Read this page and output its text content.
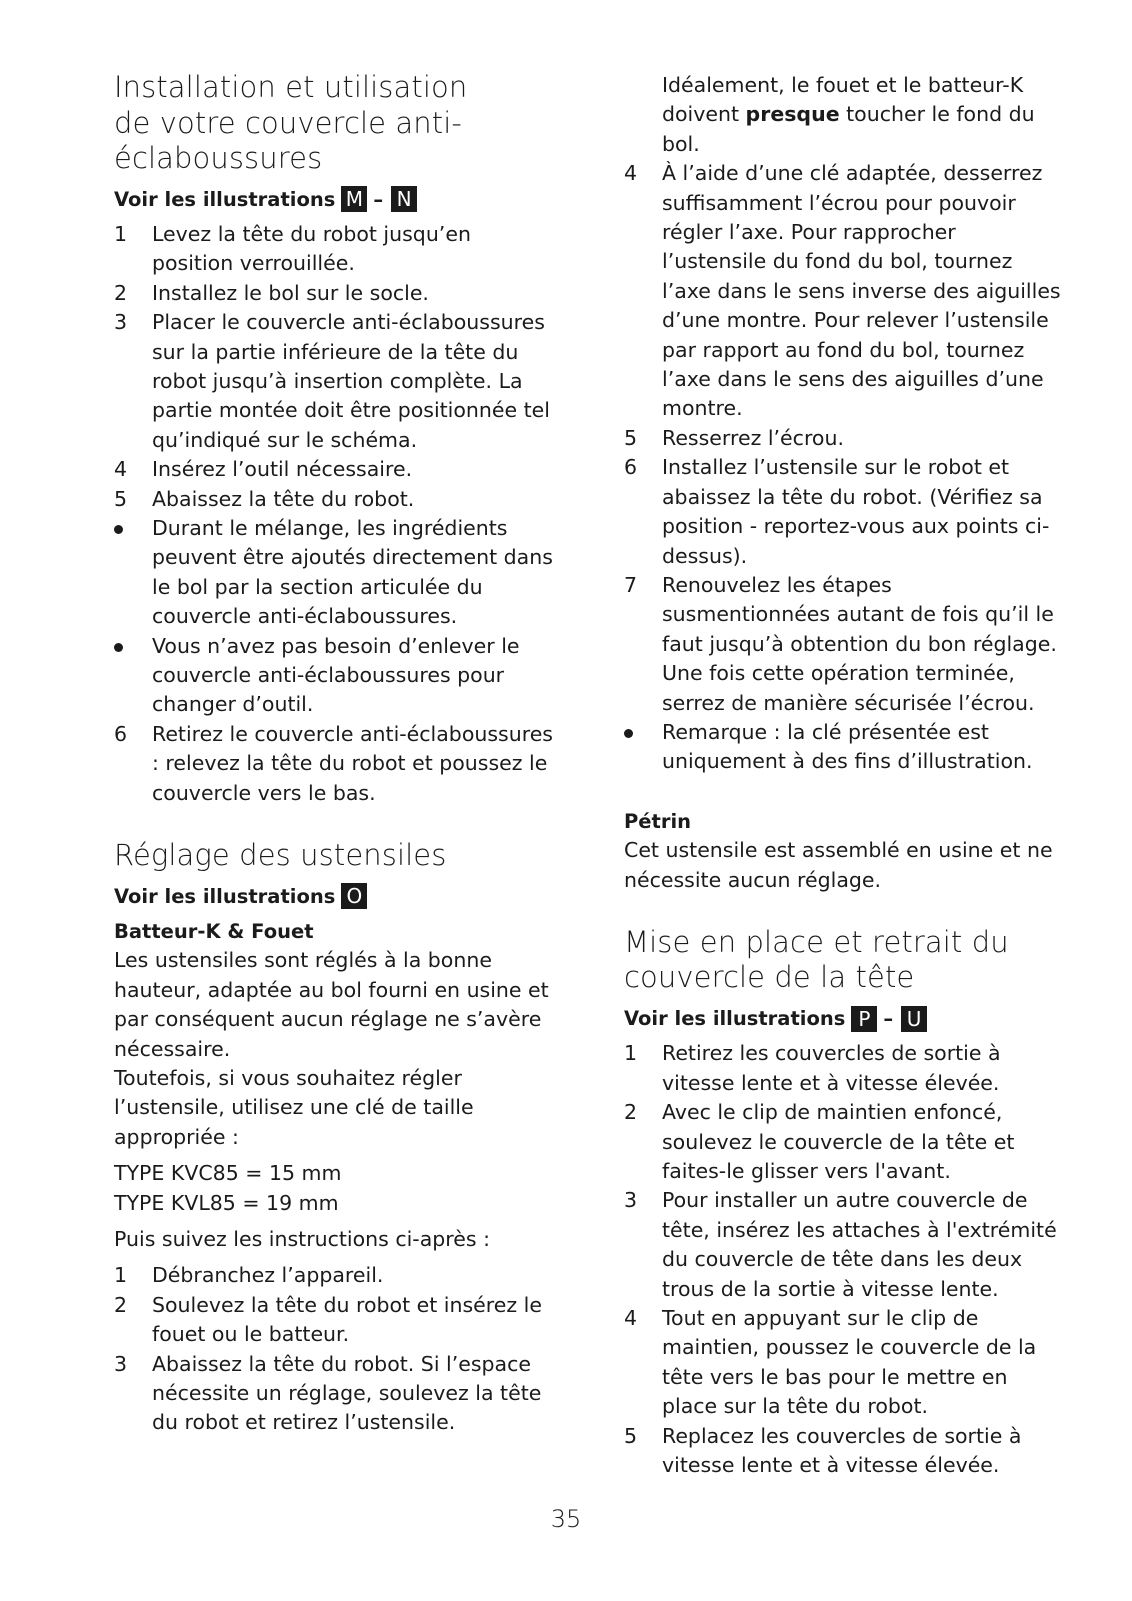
Installation et utilisation
de votre couvercle anti-
éclaboussures
Voir les illustrations M – N
1 Levez la tête du robot jusqu’en position verrouillée.
2 Installez le bol sur le socle.
3 Placer le couvercle anti-éclaboussures sur la partie inférieure de la tête du robot jusqu’à insertion complète. La partie montée doit être positionnée tel qu’indiqué sur le schéma.
4 Insérez l’outil nécessaire.
5 Abaissez la tête du robot.
Durant le mélange, les ingrédients peuvent être ajoutés directement dans le bol par la section articulée du couvercle anti-éclaboussures.
Vous n’avez pas besoin d’enlever le couvercle anti-éclaboussures pour changer d’outil.
6 Retirez le couvercle anti-éclaboussures : relevez la tête du robot et poussez le couvercle vers le bas.
Réglage des ustensiles
Voir les illustrations O

Batteur-K & Fouet

Les ustensiles sont réglés à la bonne hauteur, adaptée au bol fourni en usine et par conséquent aucun réglage ne s’avère nécessaire.

Toutefois, si vous souhaitez régler l’ustensile, utilisez une clé de taille appropriée :

TYPE KVC85 = 15 mm

TYPE KVL85 = 19 mm

Puis suivez les instructions ci-après :

1 Débranchez l’appareil.
2 Soulevez la tête du robot et insérez le fouet ou le batteur.
3 Abaissez la tête du robot. Si l’espace nécessite un réglage, soulevez la tête du robot et retirez l’ustensile.

Idéalement, le fouet et le batteur-K doivent presque toucher le fond du bol.

4 À l’aide d’une clé adaptée, desserrez suffisamment l’écrou pour pouvoir régler l’axe. Pour rapprocher l’ustensile du fond du bol, tournez l’axe dans le sens inverse des aiguilles d’une montre. Pour relever l’ustensile par rapport au fond du bol, tournez l’axe dans le sens des aiguilles d’une montre.
5 Resserrez l’écrou.
6 Installez l’ustensile sur le robot et abaissez la tête du robot. (Vérifiez sa position - reportez-vous aux points ci-dessus).
7 Renouvelez les étapes susmentionnées autant de fois qu’il le faut jusqu’à obtention du bon réglage. Une fois cette opération terminée, serrez de manière sécurisée l’écrou.
Remarque : la clé présentée est uniquement à des fins d’illustration.

Pétrin

Cet ustensile est assemblé en usine et ne nécessite aucun réglage.

Mise en place et retrait du
couvercle de la tête
Voir les illustrations P – U
1 Retirez les couvercles de sortie à vitesse lente et à vitesse élevée.
2 Avec le clip de maintien enfoncé, soulevez le couvercle de la tête et faites-le glisser vers l'avant.
3 Pour installer un autre couvercle de tête, insérez les attaches à l'extrémité du couvercle de tête dans les deux trous de la sortie à vitesse lente.
4 Tout en appuyant sur le clip de maintien, poussez le couvercle de la tête vers le bas pour le mettre en place sur la tête du robot.
5 Replacez les couvercles de sortie à vitesse lente et à vitesse élevée.
35
